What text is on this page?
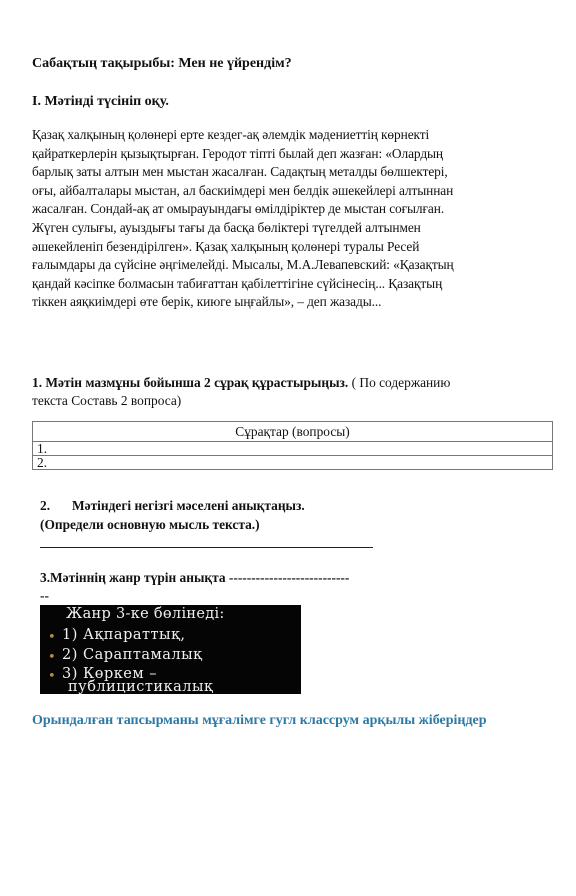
Сабақтың тақырыбы: Мен не үйрендім?
I. Мәтінді түсініп оқу.
Қазақ халқының қолөнері ерте кездег-ақ әлемдік мәдениеттің көрнекті
қайраткерлерін қызықтырған. Геродот тіпті былай деп жазған: «Олардың
барлық заты алтын мен мыстан жасалған. Садақтың металды бөлшектері,
оғы, айбалталары мыстан, ал баскиімдері мен белдік әшекейлері алтыннан
жасалған. Сондай-ақ ат омырауындағы өмілдіріктер де мыстан соғылған.
Жүген сулығы, ауыздығы тағы да басқа бөліктері түгелдей алтынмен
әшекейленіп безендірілген». Қазақ халқының қолөнері туралы Ресей
ғалымдары да сүйсіне әңгімелейді. Мысалы, М.А.Левапевский: «Қазақтың
қандай кәсіпке болмасын табиғаттан қабілеттігіне сүйсінесің... Қазақтың
тіккен аяқкиімдері өте берік, киюге ыңғайлы», – деп жазады...
1. Мәтін мазмұны бойынша 2 сұрақ құрастырыңыз. ( По содержанию
текста Составь 2 вопроса)
Сұрақтар (вопросы)
1.
2.
2. Мәтіндегі негізгі мәселені анықтаңыз.
(Определи основную мысль текста.)
3.Мәтіннің жанр түрін анықта ---------------------------
--
Жанр 3-ке бөлінеді:
• 1) Ақпараттық,
• 2) Сараптамалық
• 3) Көркем –
публицистикалық
Орындалған тапсырманы мұғалімге гугл классрум арқылы жіберіңдер
